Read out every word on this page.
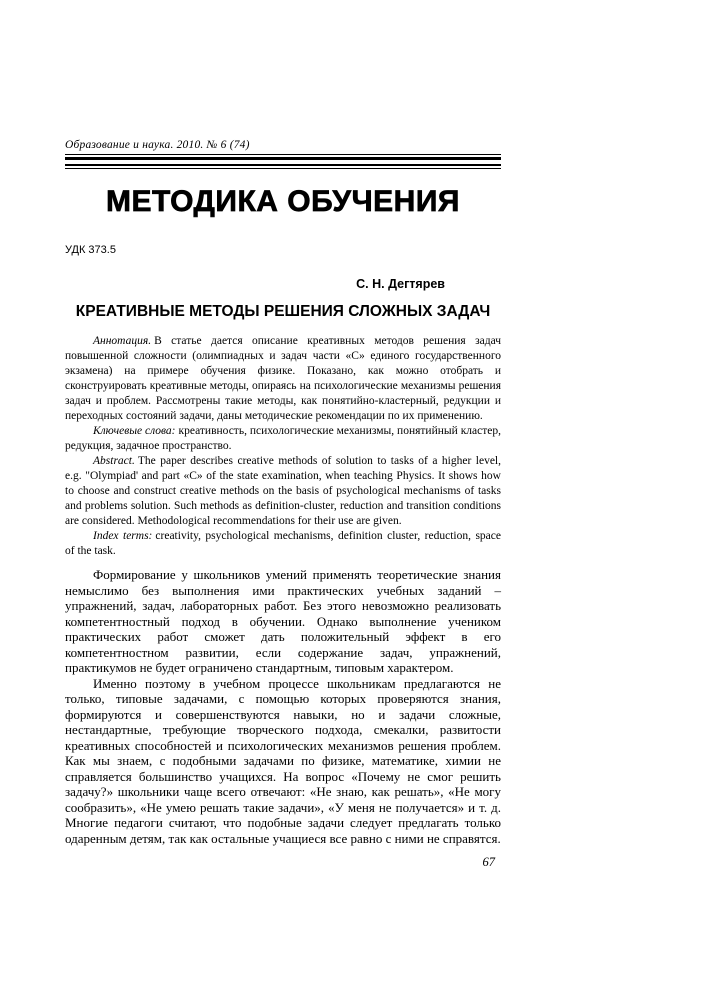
Образование и наука. 2010. № 6 (74)
МЕТОДИКА ОБУЧЕНИЯ
УДК 373.5
С. Н. Дегтярев
КРЕАТИВНЫЕ МЕТОДЫ РЕШЕНИЯ СЛОЖНЫХ ЗАДАЧ

Аннотация. В статье дается описание креативных методов решения задач повышенной сложности (олимпиадных и задач части «С» единого государственного экзамена) на примере обучения физике. Показано, как можно отобрать и сконструировать креативные методы, опираясь на психологические механизмы решения задач и проблем. Рассмотрены такие методы, как понятийно-кластерный, редукции и переходных состояний задачи, даны методические рекомендации по их применению.

Ключевые слова: креативность, психологические механизмы, понятийный кластер, редукция, задачное пространство.

Abstract. The paper describes creative methods of solution to tasks of a higher level, e.g. "Olympiad' and part «C» of the state examination, when teaching Physics. It shows how to choose and construct creative methods on the basis of psychological mechanisms of tasks and problems solution. Such methods as definition-cluster, reduction and transition conditions are considered. Methodological recommendations for their use are given.

Index terms: creativity, psychological mechanisms, definition cluster, reduction, space of the task.

Формирование у школьников умений применять теоретические знания немыслимо без выполнения ими практических учебных заданий – упражнений, задач, лабораторных работ. Без этого невозможно реализовать компетентностный подход в обучении. Однако выполнение учеником практических работ сможет дать положительный эффект в его компетентностном развитии, если содержание задач, упражнений, практикумов не будет ограничено стандартным, типовым характером.

Именно поэтому в учебном процессе школьникам предлагаются не только, типовые задачами, с помощью которых проверяются знания, формируются и совершенствуются навыки, но и задачи сложные, нестандартные, требующие творческого подхода, смекалки, развитости креативных способностей и психологических механизмов решения проблем. Как мы знаем, с подобными задачами по физике, математике, химии не справляется большинство учащихся. На вопрос «Почему не смог решить задачу?» школьники чаще всего отвечают: «Не знаю, как решать», «Не могу сообразить», «Не умею решать такие задачи», «У меня не получается» и т. д. Многие педагоги считают, что подобные задачи следует предлагать только одаренным детям, так как остальные учащиеся все равно с ними не справятся.

67
